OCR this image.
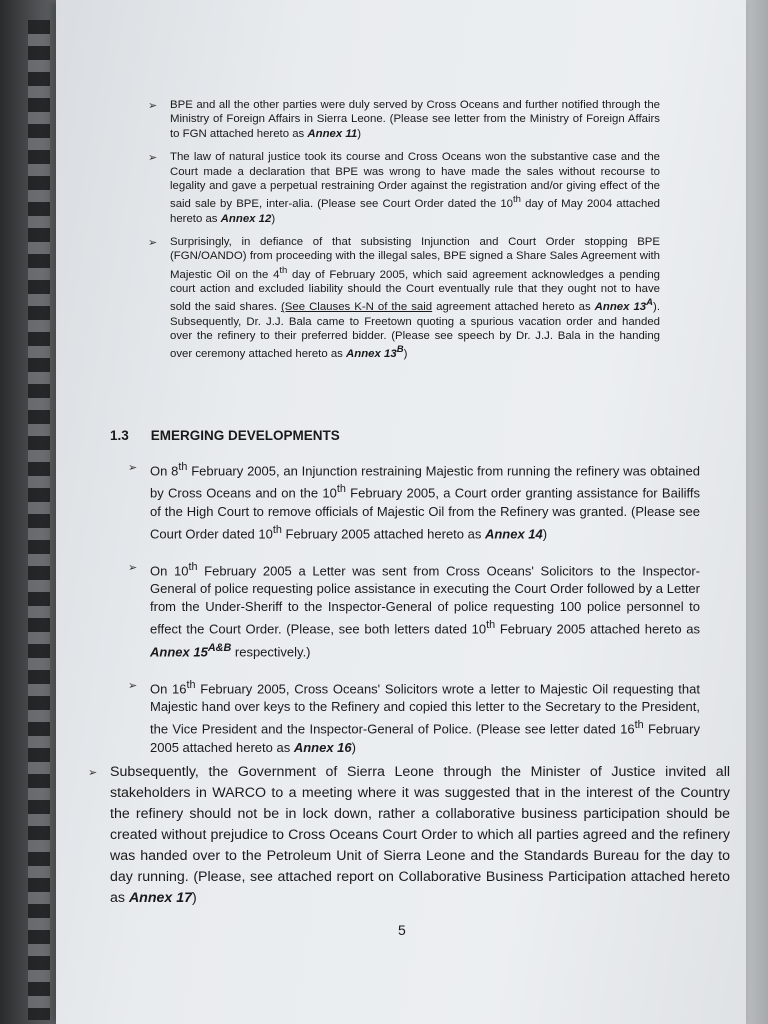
➢	BPE and all the other parties were duly served by Cross Oceans and further notified through the Ministry of Foreign Affairs in Sierra Leone. (Please see letter from the Ministry of Foreign Affairs to FGN attached hereto as Annex 11)
➢	The law of natural justice took its course and Cross Oceans won the substantive case and the Court made a declaration that BPE was wrong to have made the sales without recourse to legality and gave a perpetual restraining Order against the registration and/or giving effect of the said sale by BPE, inter-alia. (Please see Court Order dated the 10th day of May 2004 attached hereto as Annex 12)
➢	Surprisingly, in defiance of that subsisting Injunction and Court Order stopping BPE (FGN/OANDO) from proceeding with the illegal sales, BPE signed a Share Sales Agreement with Majestic Oil on the 4th day of February 2005, which said agreement acknowledges a pending court action and excluded liability should the Court eventually rule that they ought not to have sold the said shares. (See Clauses K-N of the said agreement attached hereto as Annex $13^A$). Subsequently, Dr. J.J. Bala came to Freetown quoting a spurious vacation order and handed over the refinery to their preferred bidder. (Please see speech by Dr. J.J. Bala in the handing over ceremony attached hereto as Annex $13^B$)
1.3 EMERGING DEVELOPMENTS
➢ On 8th February 2005, an Injunction restraining Majestic from running the refinery was obtained by Cross Oceans and on the 10th February 2005, a Court order granting assistance for Bailiffs of the High Court to remove officials of Majestic Oil from the Refinery was granted. (Please see Court Order dated 10th February 2005 attached hereto as Annex 14)
➢ On 10th February 2005 a Letter was sent from Cross Oceans' Solicitors to the Inspector-General of police requesting police assistance in executing the Court Order followed by a Letter from the Under-Sheriff to the Inspector-General of police requesting 100 police personnel to effect the Court Order. (Please, see both letters dated 10th February 2005 attached hereto as Annex $15^{A\&B}$ respectively.)
➢ On 16th February 2005, Cross Oceans' Solicitors wrote a letter to Majestic Oil requesting that Majestic hand over keys to the Refinery and copied this letter to the Secretary to the President, the Vice President and the Inspector-General of Police. (Please see letter dated 16th February 2005 attached hereto as Annex 16)
➢ Subsequently, the Government of Sierra Leone through the Minister of Justice invited all stakeholders in WARCO to a meeting where it was suggested that in the interest of the Country the refinery should not be in lock down, rather a collaborative business participation should be created without prejudice to Cross Oceans Court Order to which all parties agreed and the refinery was handed over to the Petroleum Unit of Sierra Leone and the Standards Bureau for the day to day running. (Please, see attached report on Collaborative Business Participation attached hereto as Annex 17)
5
